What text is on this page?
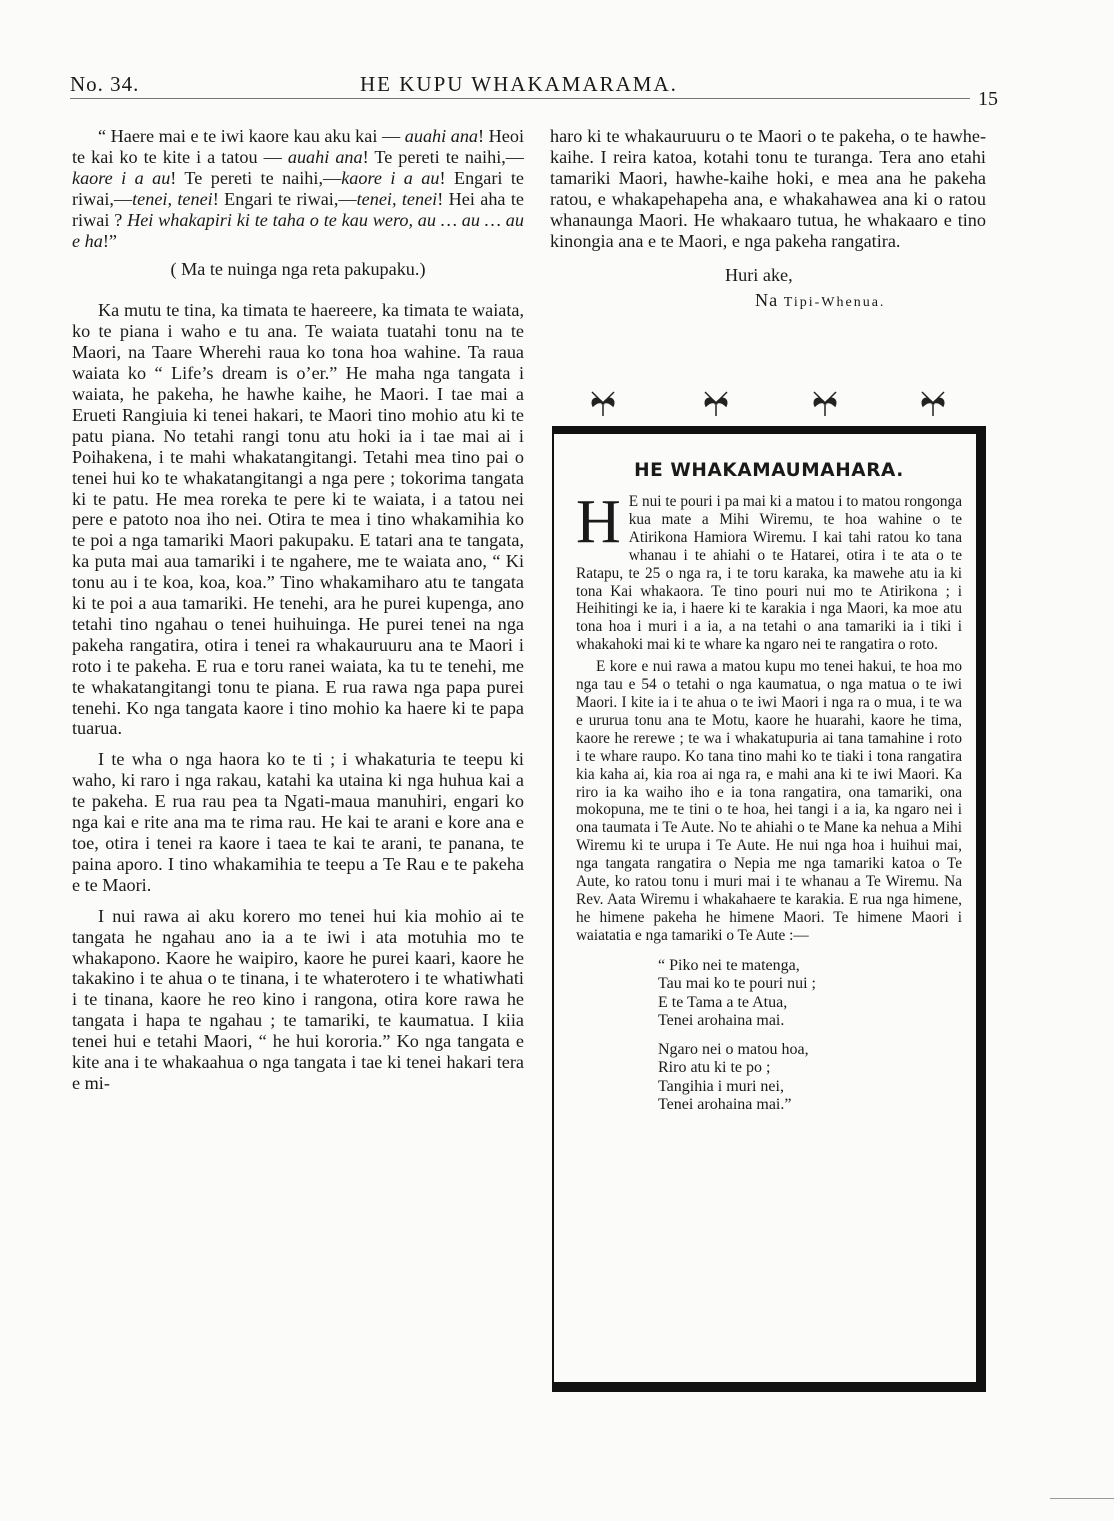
No. 34.	HE KUPU WHAKAMARAMA.
15

“ Haere mai e te iwi kaore kau aku kai — auahi ana! Heoi te kai ko te kite i a tatou — auahi ana! Te pereti te naihi,—kaore i a au! Te pereti te naihi,—kaore i a au! Engari te riwai,—tenei, tenei! Engari te riwai,—tenei, tenei! Hei aha te riwai ? Hei whakapiri ki te taha o te kau wero, au … au … au e ha!”

( Ma te nuinga nga reta pakupaku.)

Ka mutu te tina, ka timata te haereere, ka timata te waiata, ko te piana i waho e tu ana. Te waiata tuatahi tonu na te Maori, na Taare Wherehi raua ko tona hoa wahine. Ta raua waiata ko “ Life’s dream is o’er.” He maha nga tangata i waiata, he pakeha, he hawhe kaihe, he Maori. I tae mai a Erueti Rangiuia ki tenei hakari, te Maori tino mohio atu ki te patu piana. No tetahi rangi tonu atu hoki ia i tae mai ai i Poihakena, i te mahi whakatangitangi. Tetahi mea tino pai o tenei hui ko te whakatangitangi a nga pere ; tokorima tangata ki te patu. He mea roreka te pere ki te waiata, i a tatou nei pere e patoto noa iho nei. Otira te mea i tino whakamihia ko te poi a nga tamariki Maori pakupaku. E tatari ana te tangata, ka puta mai aua tamariki i te ngahere, me te waiata ano, “ Ki tonu au i te koa, koa, koa.” Tino whakamiharo atu te tangata ki te poi a aua tamariki. He tenehi, ara he purei kupenga, ano tetahi tino ngahau o tenei huihuinga. He purei tenei na nga pakeha rangatira, otira i tenei ra whakauruuru ana te Maori i roto i te pakeha. E rua e toru ranei waiata, ka tu te tenehi, me te whakatangitangi tonu te piana. E rua rawa nga papa purei tenehi. Ko nga tangata kaore i tino mohio ka haere ki te papa tuarua.

I te wha o nga haora ko te ti ; i whakaturia te teepu ki waho, ki raro i nga rakau, katahi ka utaina ki nga huhua kai a te pakeha. E rua rau pea ta Ngati-maua manuhiri, engari ko nga kai e rite ana ma te rima rau. He kai te arani e kore ana e toe, otira i tenei ra kaore i taea te kai te arani, te panana, te paina aporo. I tino whakamihia te teepu a Te Rau e te pakeha e te Maori.

I nui rawa ai aku korero mo tenei hui kia mohio ai te tangata he ngahau ano ia a te iwi i ata motuhia mo te whakapono. Kaore he waipiro, kaore he purei kaari, kaore he takakino i te ahua o te tinana, i te whaterotero i te whatiwhati i te tinana, kaore he reo kino i rangona, otira kore rawa he tangata i hapa te ngahau ; te tamariki, te kaumatua. I kiia tenei hui e tetahi Maori, “ he hui kororia.” Ko nga tangata e kite ana i te whakaahua o nga tangata i tae ki tenei hakari tera e mi-

haro ki te whakauruuru o te Maori o te pakeha, o te hawhe-kaihe. I reira katoa, kotahi tonu te turanga. Tera ano etahi tamariki Maori, hawhe-kaihe hoki, e mea ana he pakeha ratou, e whakapehapeha ana, e whakahawea ana ki o ratou whanaunga Maori. He whakaaro tutua, he whakaaro e tino kinongia ana e te Maori, e nga pakeha rangatira.

Huri ake,
Na Tipi-Whenua.
HE WHAKAMAUMAHARA.

H E nui te pouri i pa mai ki a matou i to matou rongonga kua mate a Mihi Wiremu, te hoa wahine o te Atirikona Hamiora Wiremu. I kai tahi ratou ko tana whanau i te ahiahi o te Hatarei, otira i te ata o te Ratapu, te 25 o nga ra, i te toru karaka, ka mawehe atu ia ki tona Kai whakaora. Te tino pouri nui mo te Atirikona ; i Heihitingi ke ia, i haere ki te karakia i nga Maori, ka moe atu tona hoa i muri i a ia, a na tetahi o ana tamariki ia i tiki i whakahoki mai ki te whare ka ngaro nei te rangatira o roto.

E kore e nui rawa a matou kupu mo tenei hakui, te hoa mo nga tau e 54 o tetahi o nga kaumatua, o nga matua o te iwi Maori. I kite ia i te ahua o te iwi Maori i nga ra o mua, i te wa e ururua tonu ana te Motu, kaore he huarahi, kaore he tima, kaore he rerewe ; te wa i whakatupuria ai tana tamahine i roto i te whare raupo. Ko tana tino mahi ko te tiaki i tona rangatira kia kaha ai, kia roa ai nga ra, e mahi ana ki te iwi Maori. Ka riro ia ka waiho iho e ia tona rangatira, ona tamariki, ona mokopuna, me te tini o te hoa, hei tangi i a ia, ka ngaro nei i ona taumata i Te Aute. No te ahiahi o te Mane ka nehua a Mihi Wiremu ki te urupa i Te Aute. He nui nga hoa i huihui mai, nga tangata rangatira o Nepia me nga tamariki katoa o Te Aute, ko ratou tonu i muri mai i te whanau a Te Wiremu. Na Rev. Aata Wiremu i whakahaere te karakia. E rua nga himene, he himene pakeha he himene Maori. Te himene Maori i waiatatia e nga tamariki o Te Aute :—

“ Piko nei te matenga,
Tau mai ko te pouri nui ;
E te Tama a te Atua,
Tenei arohaina mai.
Ngaro nei o matou hoa,
Riro atu ki te po ;
Tangihia i muri nei,
Tenei arohaina mai.”
